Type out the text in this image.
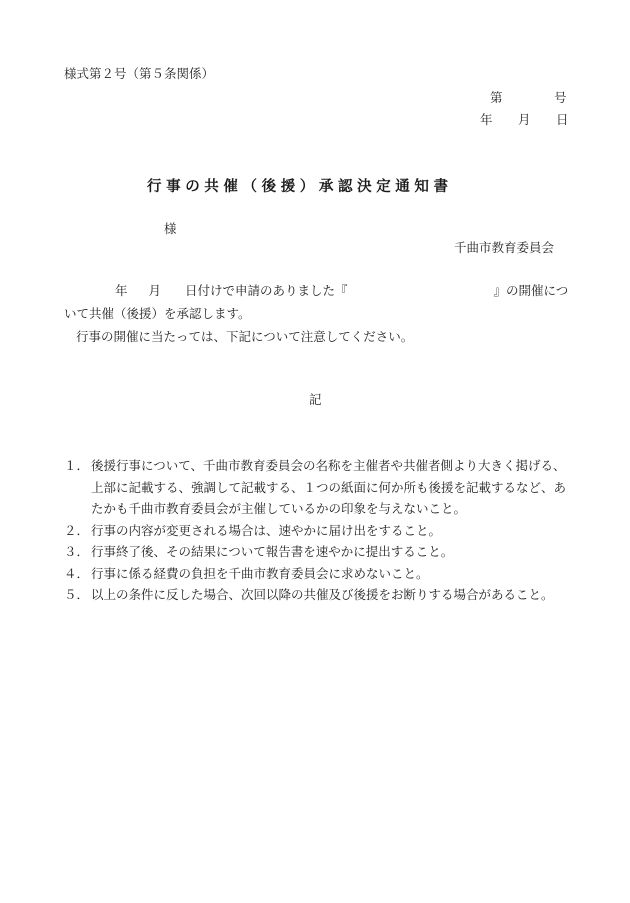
様式第２号（第５条関係）
第	号
年 月 日
行事の共催（後援）承認決定通知書
様
千曲市教育委員会
年 月 日付けで申請のありました『	』の開催につ
いて共催（後援）を承認します。
行事の開催に当たっては、下記について注意してください。
記
１． 後援行事について、千曲市教育委員会の名称を主催者や共催者側より大きく掲げる、
上部に記載する、強調して記載する、１つの紙面に何か所も後援を記載するなど、あ
たかも千曲市教育委員会が主催しているかの印象を与えないこと。
２． 行事の内容が変更される場合は、速やかに届け出をすること。
３． 行事終了後、その結果について報告書を速やかに提出すること。
４． 行事に係る経費の負担を千曲市教育委員会に求めないこと。
５． 以上の条件に反した場合、次回以降の共催及び後援をお断りする場合があること。
